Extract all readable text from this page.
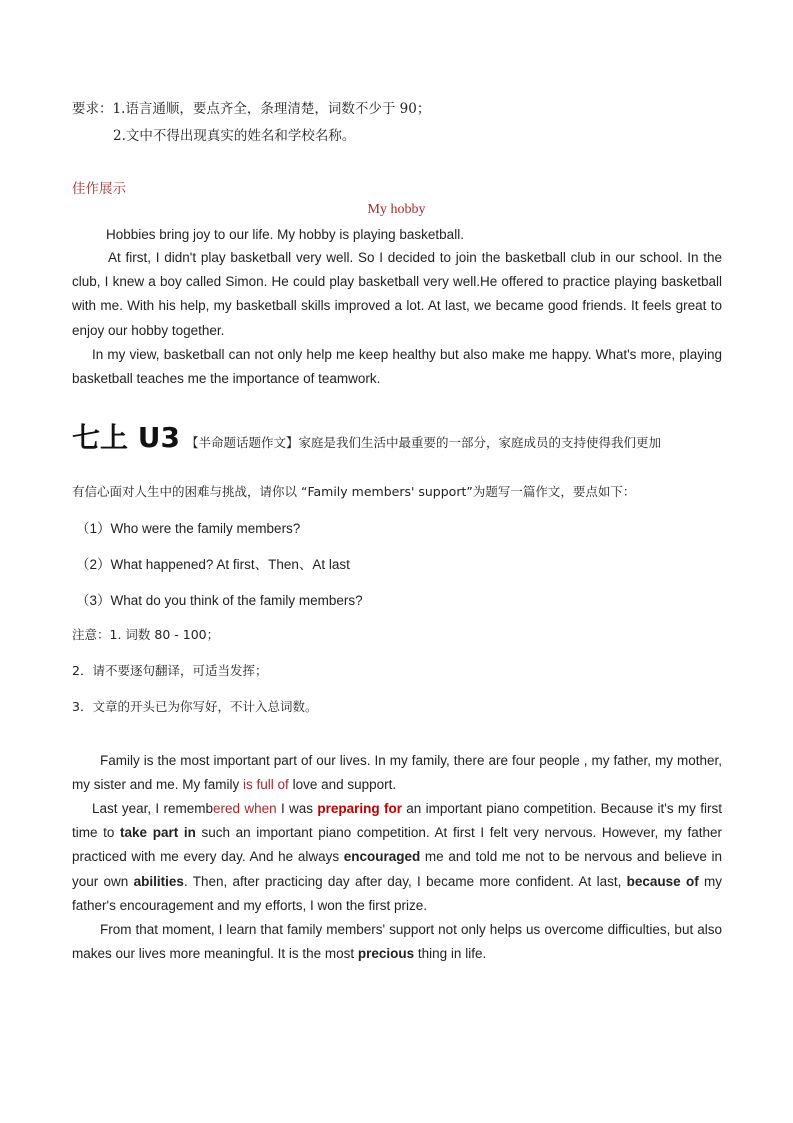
要求：1.语言通顺，要点齐全，条理清楚，词数不少于 90；

2.文中不得出现真实的姓名和学校名称。

佳作展示

My hobby

Hobbies bring joy to our life. My hobby is playing basketball.

At first, I didn't play basketball very well. So I decided to join the basketball club in our school. In the club, I knew a boy called Simon. He could play basketball very well.He offered to practice playing basketball with me. With his help, my basketball skills improved a lot. At last, we became good friends. It feels great to enjoy our hobby together.

In my view, basketball can not only help me keep healthy but also make me happy. What's more, playing basketball teaches me the importance of teamwork.

七上 U3 【半命题话题作文】家庭是我们生活中最重要的一部分，家庭成员的支持使得我们更加

有信心面对人生中的困难与挑战，请你以 “Family members' support”为题写一篇作文，要点如下：

（1）Who were the family members?

（2）What happened? At first、Then、At last

（3）What do you think of the family members?

注意：1. 词数 80 - 100；

2．请不要逐句翻译，可适当发挥；

3．文章的开头已为你写好，不计入总词数。

Family is the most important part of our lives. In my family, there are four people , my father, my mother, my sister and me. My family is full of love and support.

Last year, I remembered when I was preparing for an important piano competition. Because it's my first time to take part in such an important piano competition. At first I felt very nervous. However, my father practiced with me every day. And he always encouraged me and told me not to be nervous and believe in your own abilities. Then, after practicing day after day, I became more confident. At last, because of my father's encouragement and my efforts, I won the first prize.

From that moment, I learn that family members' support not only helps us overcome difficulties, but also makes our lives more meaningful. It is the most precious thing in life.
